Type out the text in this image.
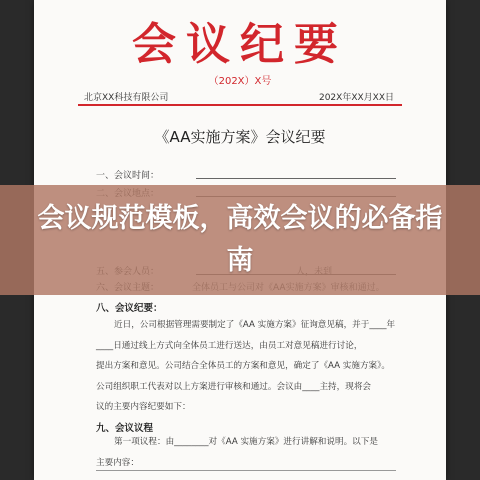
会议纪要
（202X）X号
北京XX科技有限公司	202X年XX月XX日
《AA实施方案》会议纪要
一、会议时间：
八、会议纪要：

近日，公司根据管理需要制定了《AA 实施方案》征询意见稿，并于____年

____日通过线上方式向全体员工进行送达，由员工对意见稿进行讨论，

提出方案和意见。公司结合全体员工的方案和意见，确定了《AA 实施方案》。

公司组织职工代表对以上方案进行审核和通过。会议由____主持，现将会

议的主要内容纪要如下：

九、会议议程

第一项议程：由________对《AA 实施方案》进行讲解和说明。以下是

主要内容：

会议规范模板，高效会议的必备指南
